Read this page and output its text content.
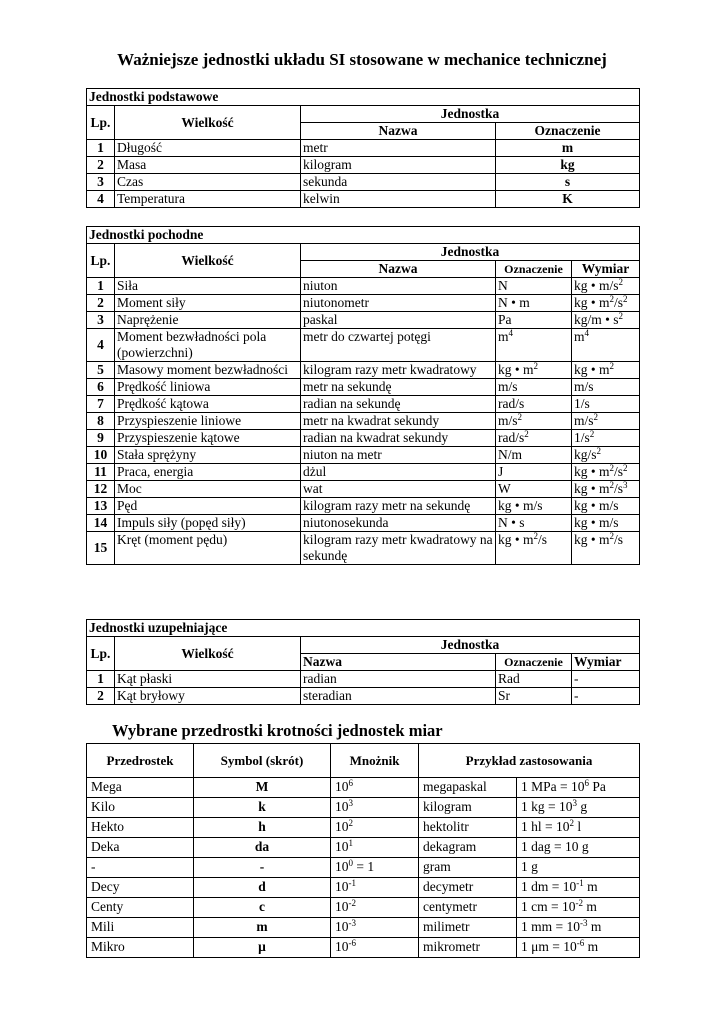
Ważniejsze jednostki układu SI stosowane w mechanice technicznej
Jednostki podstawowe			
Lp.	Wielkość	Jednostka	
		Nazwa	Oznaczenie
1	Długość	metr	m
2	Masa	kilogram	kg
3	Czas	sekunda	s
4	Temperatura	kelwin	K
Jednostki pochodne				
Lp.	Wielkość	Jednostka		
		Nazwa	Oznaczenie	Wymiar
1	Siła	niuton	N	kg • $m/s^2$
2	Moment siły	niutonometr	N • m	kg • $m^2/s^2$
3	Naprężenie	paskal	Pa	kg/m • $s^2$
4	Moment bezwładności pola (powierzchni)	metr do czwartej potęgi	$m^4$	$m^4$
5	Masowy moment bezwładności	kilogram razy metr kwadratowy	kg • $m^2$	kg • $m^2$
6	Prędkość liniowa	metr na sekundę	m/s	m/s
7	Prędkość kątowa	radian na sekundę	rad/s	1/s
8	Przyspieszenie liniowe	metr na kwadrat sekundy	$m/s^2$	$m/s^2$
9	Przyspieszenie kątowe	radian na kwadrat sekundy	rad/$s^2$	$1/s^2$
10	Stała sprężyny	niuton na metr	N/m	$kg/s^2$
11	Praca, energia	dżul	J	kg • $m^2/s^2$
12	Moc	wat	W	kg • $m^2/s^3$
13	Pęd	kilogram razy metr na sekundę	kg • m/s	kg • m/s
14	Impuls siły (popęd siły)	niutonosekunda	N • s	kg • m/s
15	Kręt (moment pędu)	kilogram razy metr kwadratowy na sekundę	kg • $m^2/s$	kg • $m^2/s$
Jednostki uzupełniające				
Lp.	Wielkość	Jednostka		
		Nazwa	Oznaczenie	Wymiar
1	Kąt płaski	radian	Rad	-
2	Kąt bryłowy	steradian	Sr	-
Wybrane przedrostki krotności jednostek miar
Przedrostek	Symbol (skrót)	Mnożnik	Przykład zastosowania	
Mega	M	$10^6$	megapaskal	1 MPa = $10^6$ Pa
Kilo	k	$10^3$	kilogram	1 kg = $10^3$ g
Hekto	h	$10^2$	hektolitr	1 hl = $10^2$ l
Deka	da	$10^1$	dekagram	1 dag = 10 g
-	-	$10^0 = 1$	gram	1 g
Decy	d	$10^{-1}$	decymetr	1 dm = $10^{-1}$ m
Centy	c	$10^{-2}$	centymetr	1 cm = $10^{-2}$ m
Mili	m	$10^{-3}$	milimetr	1 mm = $10^{-3}$ m
Mikro	μ	$10^{-6}$	mikrometr	1 $\mu m = 10^{-6}$ m
